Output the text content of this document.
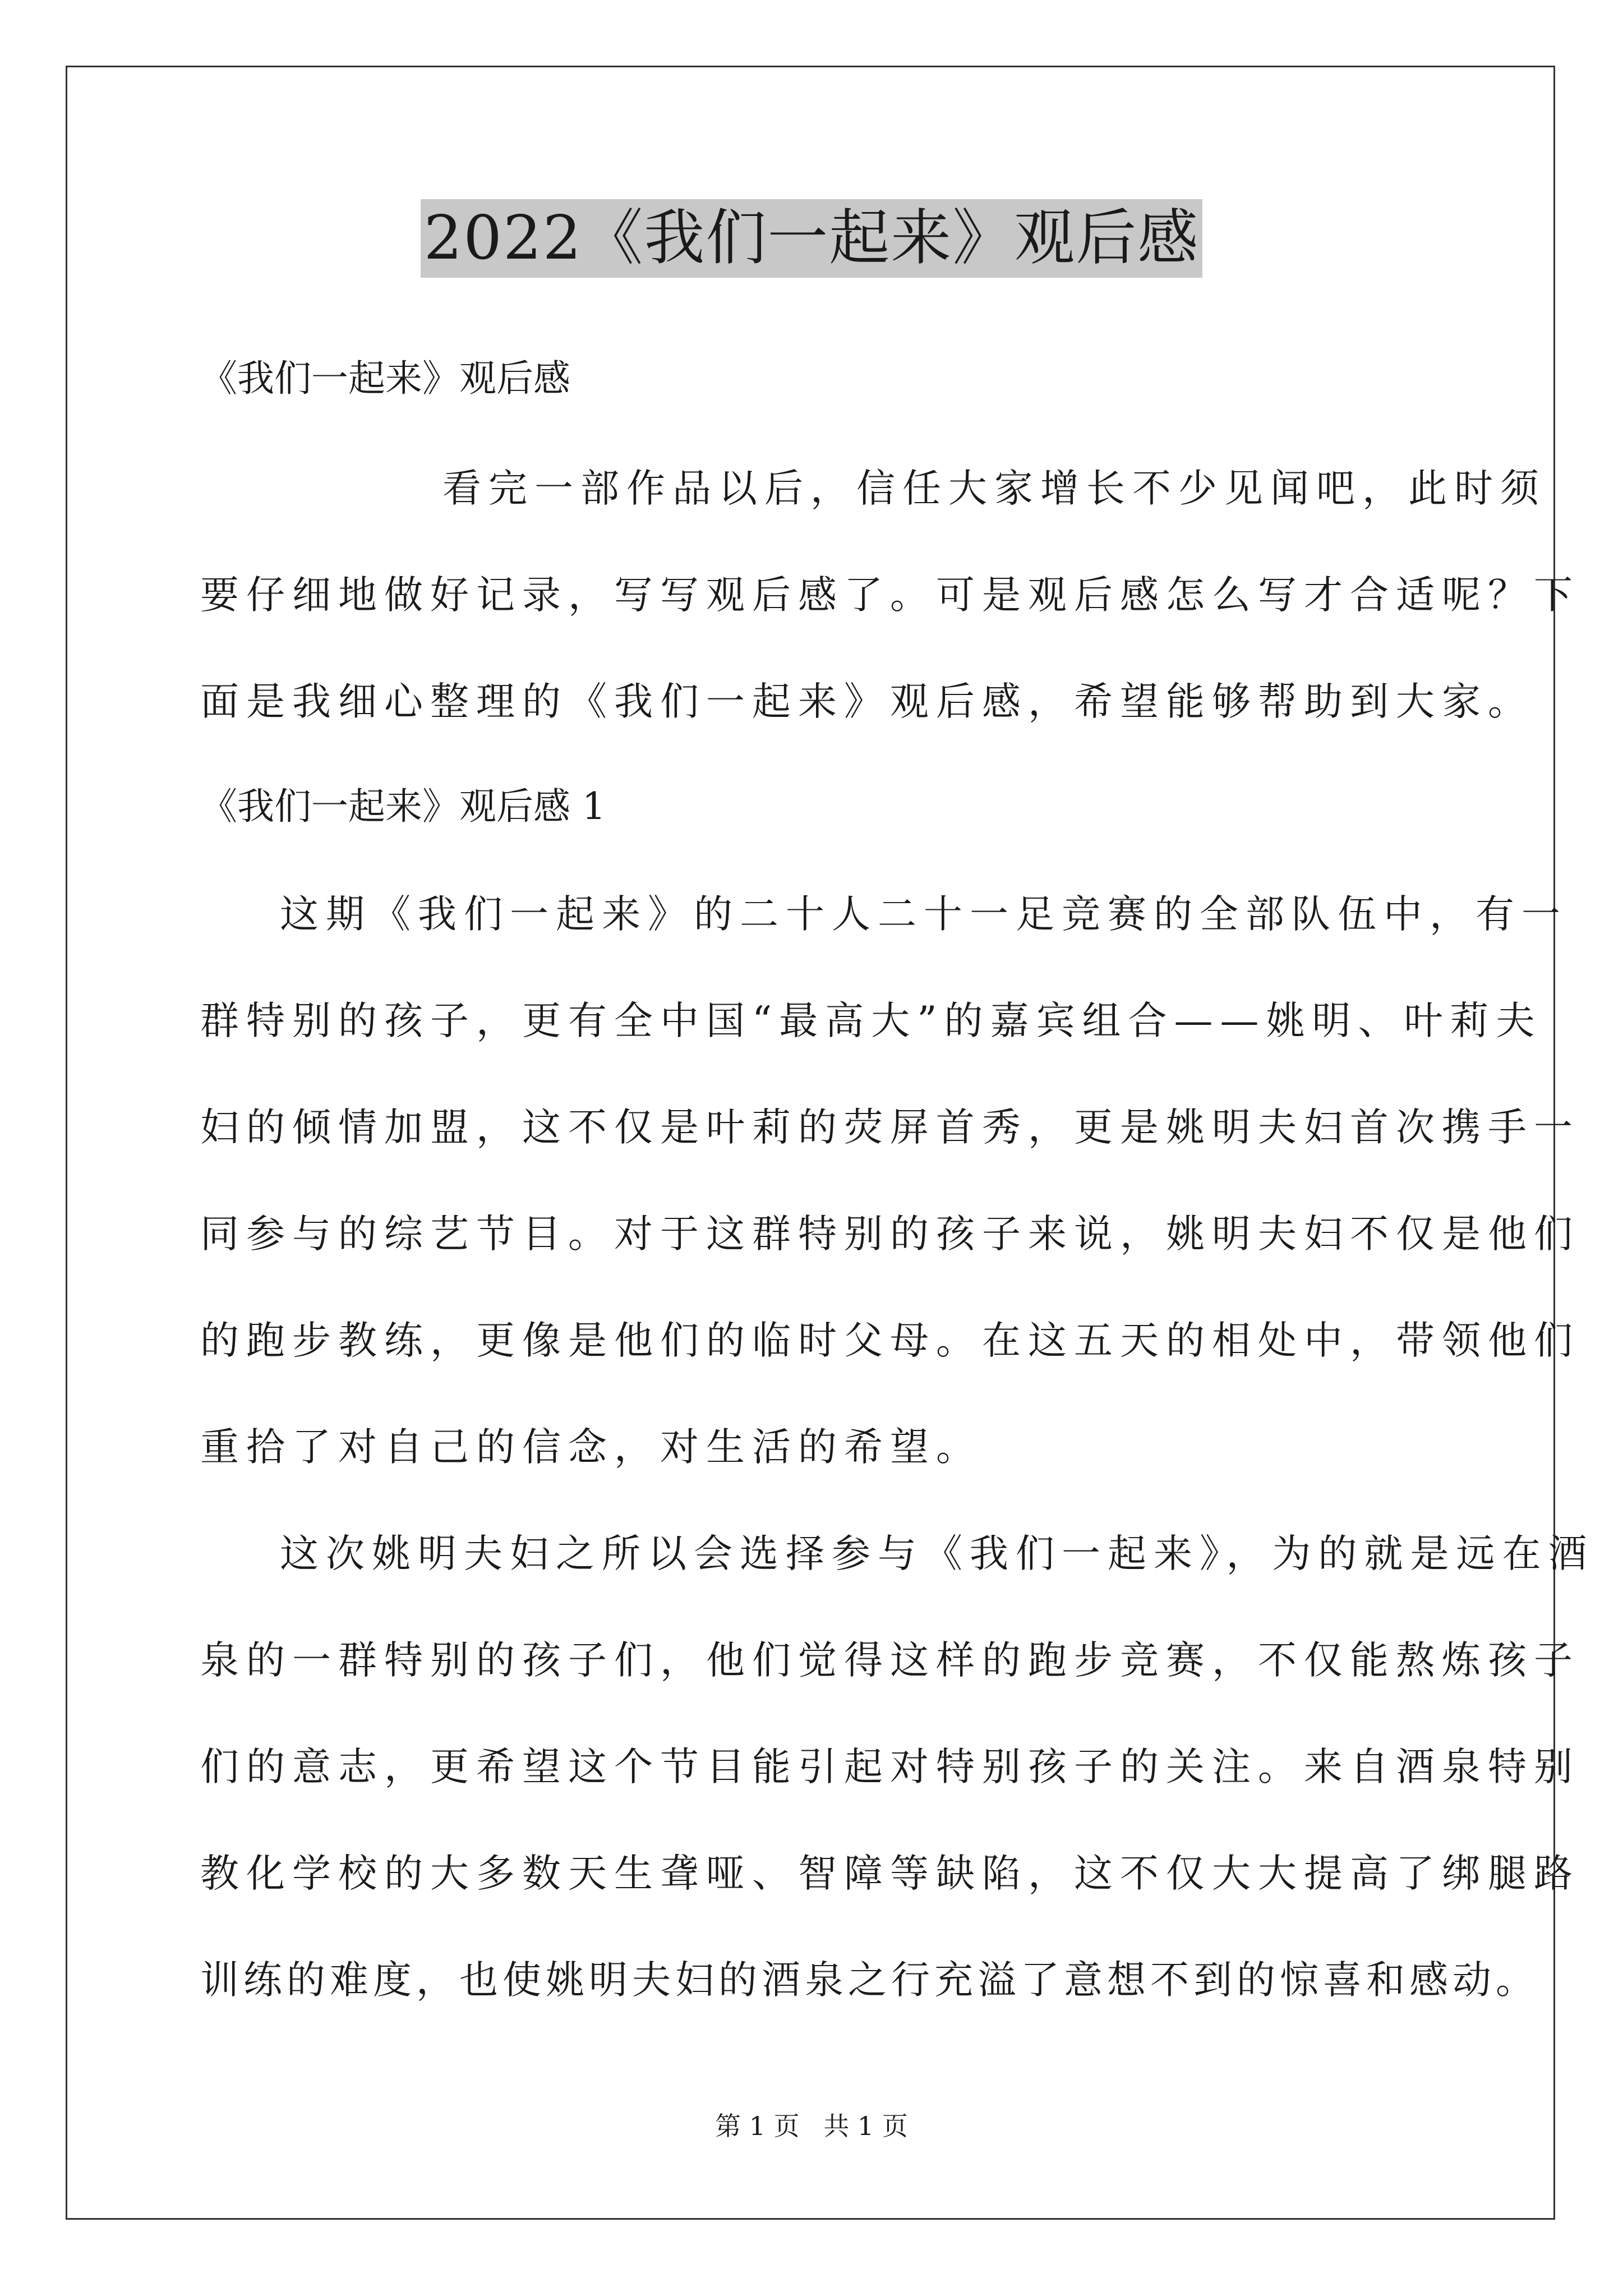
2022《我们一起来》观后感
《我们一起来》观后感
看完一部作品以后，信任大家增长不少见闻吧，此时须
要仔细地做好记录，写写观后感了。可是观后感怎么写才合适呢？下
面是我细心整理的《我们一起来》观后感，希望能够帮助到大家。
《我们一起来》观后感 1
这期《我们一起来》的二十人二十一足竞赛的全部队伍中，有一
群特别的孩子，更有全中国“最高大”的嘉宾组合——姚明、叶莉夫
妇的倾情加盟，这不仅是叶莉的荧屏首秀，更是姚明夫妇首次携手一
同参与的综艺节目。对于这群特别的孩子来说，姚明夫妇不仅是他们
的跑步教练，更像是他们的临时父母。在这五天的相处中，带领他们
重拾了对自己的信念，对生活的希望。
这次姚明夫妇之所以会选择参与《我们一起来》，为的就是远在酒
泉的一群特别的孩子们，他们觉得这样的跑步竞赛，不仅能熬炼孩子
们的意志，更希望这个节目能引起对特别孩子的关注。来自酒泉特别
教化学校的大多数天生聋哑、智障等缺陷，这不仅大大提高了绑腿路
训练的难度，也使姚明夫妇的酒泉之行充溢了意想不到的惊喜和感动。
第 1 页 共 1 页
